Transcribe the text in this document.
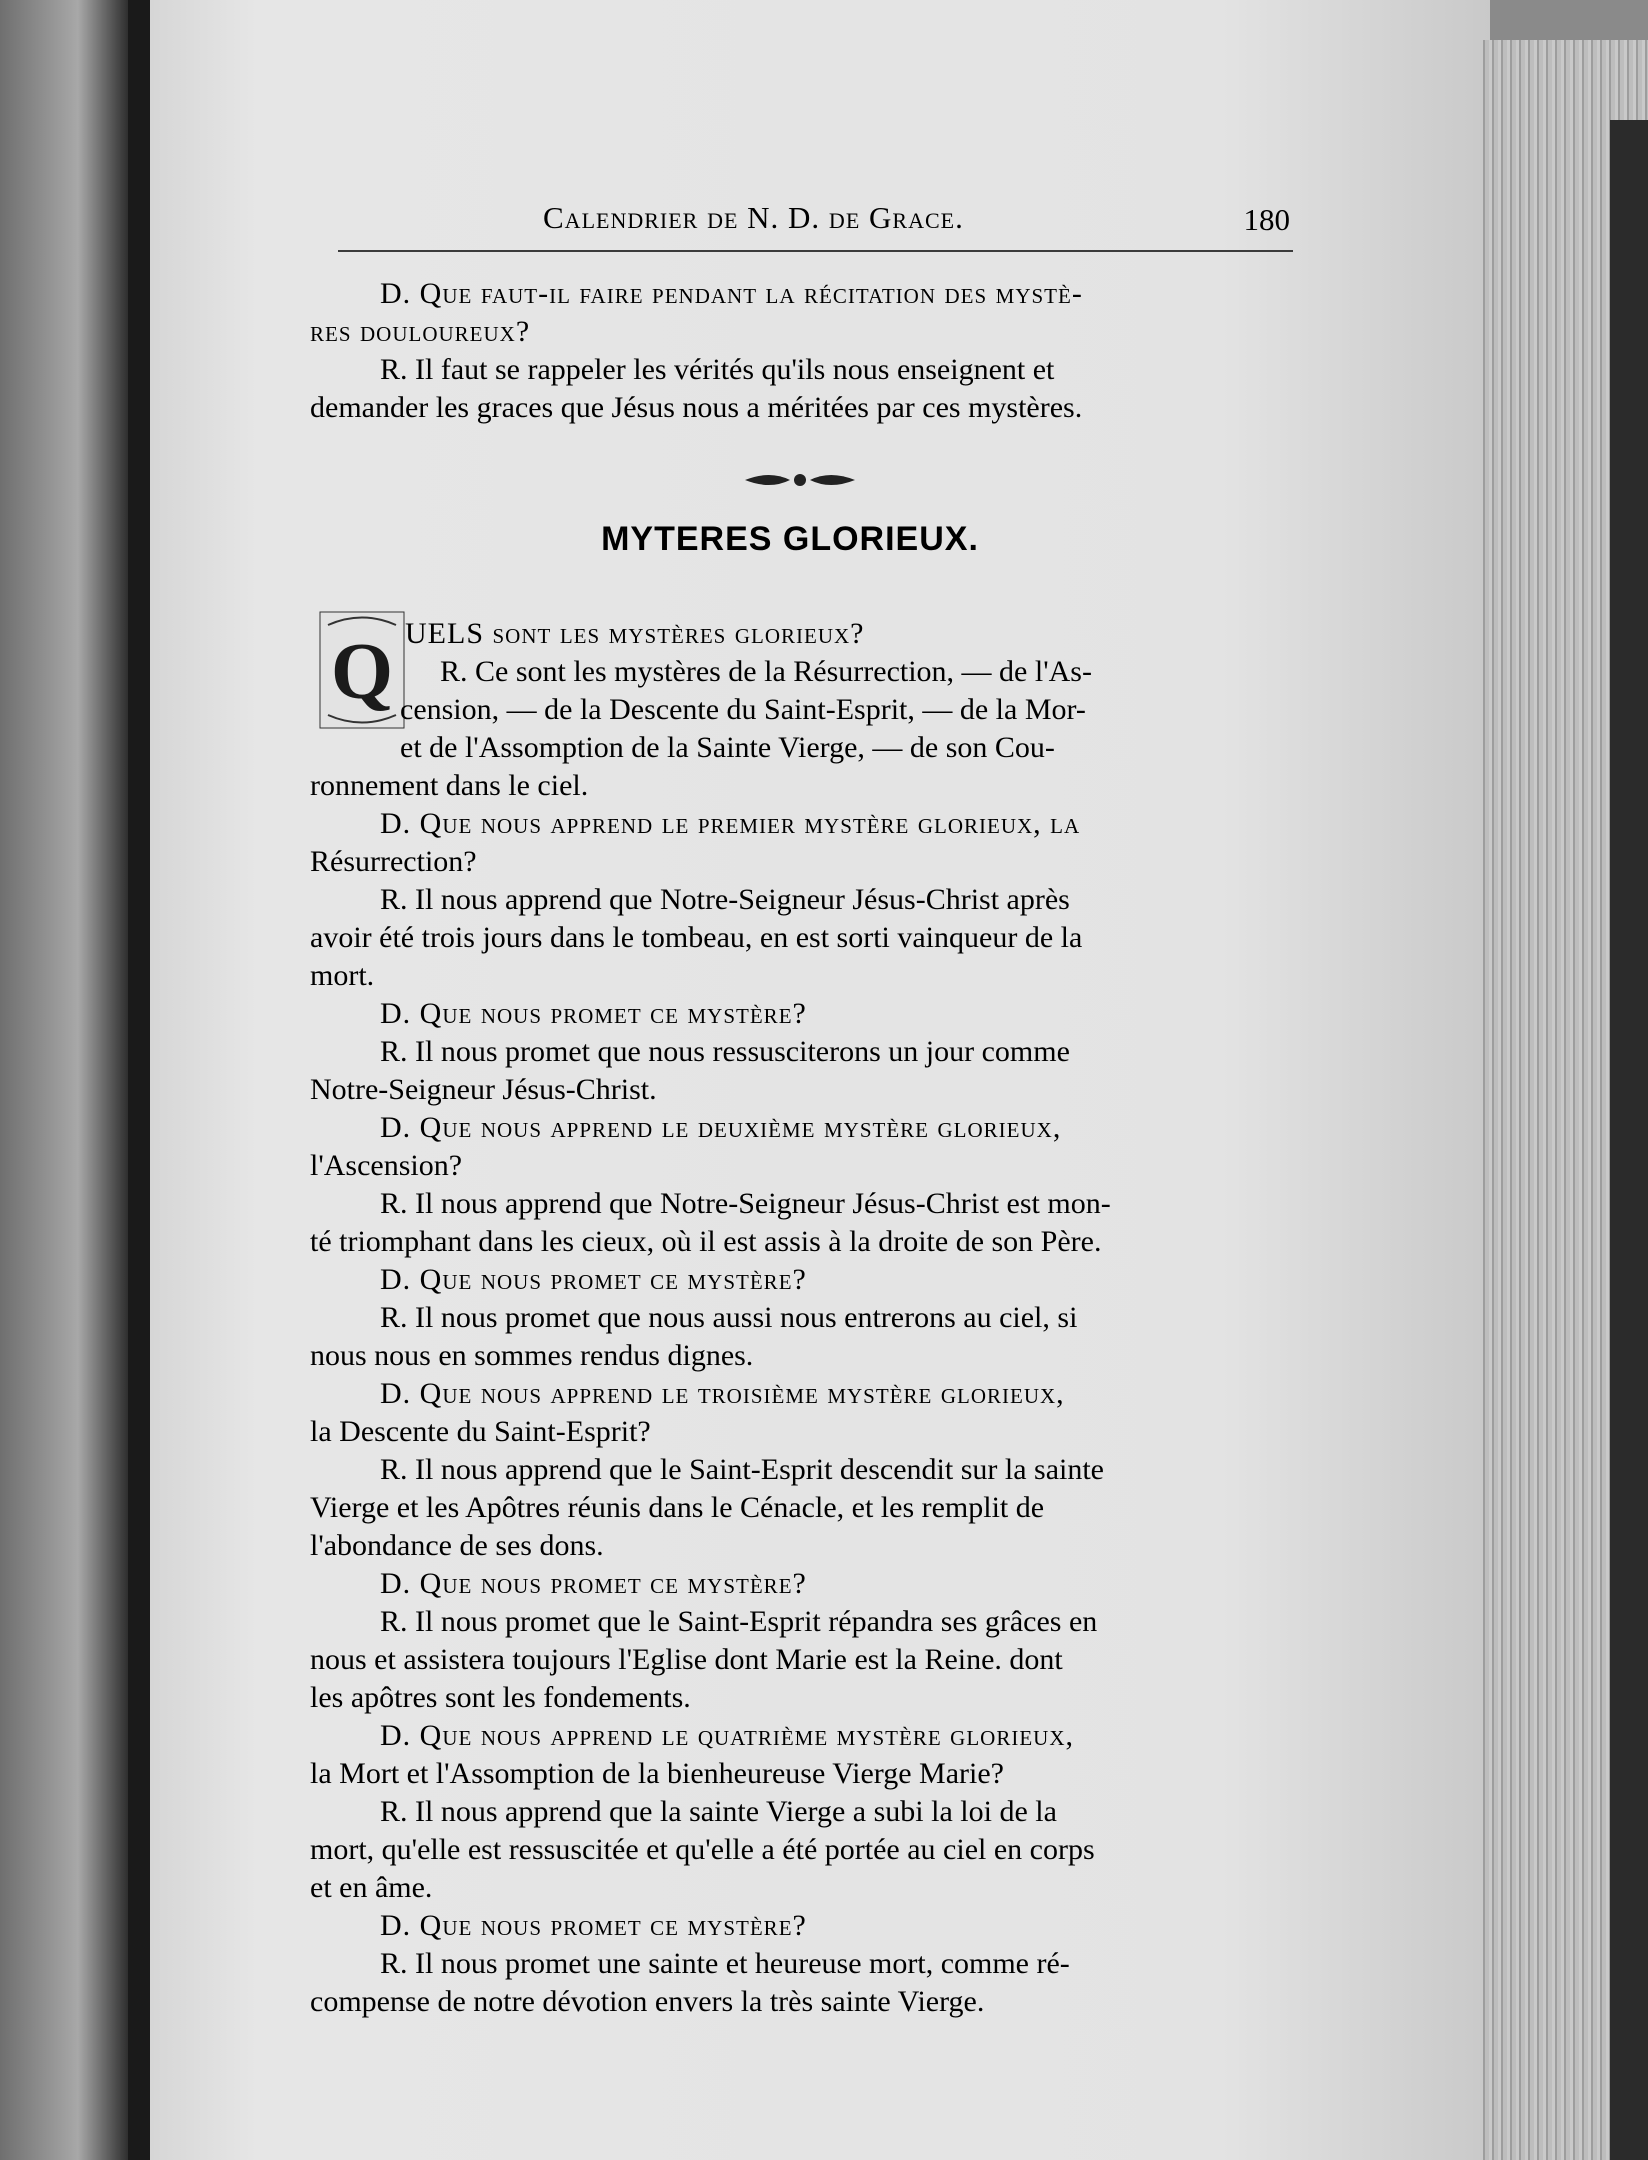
Calendrier de N. D. de Grace.	180
D. Que faut-il faire pendant la récitation des mystè-
res douloureux?
R. Il faut se rappeler les vérités qu'ils nous enseignent et
demander les graces que Jésus nous a méritées par ces mystères.
MYTERES GLORIEUX.
Q UELS sont les mystères glorieux?
R. Ce sont les mystères de la Résurrection, — de l'As-
cension, — de la Descente du Saint-Esprit, — de la Mor-
et de l'Assomption de la Sainte Vierge, — de son Cou-
ronnement dans le ciel.
D. Que nous apprend le premier mystère glorieux, la
Résurrection?
R. Il nous apprend que Notre-Seigneur Jésus-Christ après
avoir été trois jours dans le tombeau, en est sorti vainqueur de la
mort.
D. Que nous promet ce mystère?
R. Il nous promet que nous ressusciterons un jour comme
Notre-Seigneur Jésus-Christ.
D. Que nous apprend le deuxième mystère glorieux,
l'Ascension?
R. Il nous apprend que Notre-Seigneur Jésus-Christ est mon-
té triomphant dans les cieux, où il est assis à la droite de son Père.
D. Que nous promet ce mystère?
R. Il nous promet que nous aussi nous entrerons au ciel, si
nous nous en sommes rendus dignes.
D. Que nous apprend le troisième mystère glorieux,
la Descente du Saint-Esprit?
R. Il nous apprend que le Saint-Esprit descendit sur la sainte
Vierge et les Apôtres réunis dans le Cénacle, et les remplit de
l'abondance de ses dons.
D. Que nous promet ce mystère?
R. Il nous promet que le Saint-Esprit répandra ses grâces en
nous et assistera toujours l'Eglise dont Marie est la Reine. dont
les apôtres sont les fondements.
D. Que nous apprend le quatrième mystère glorieux,
la Mort et l'Assomption de la bienheureuse Vierge Marie?
R. Il nous apprend que la sainte Vierge a subi la loi de la
mort, qu'elle est ressuscitée et qu'elle a été portée au ciel en corps
et en âme.
D. Que nous promet ce mystère?
R. Il nous promet une sainte et heureuse mort, comme ré-
compense de notre dévotion envers la très sainte Vierge.
